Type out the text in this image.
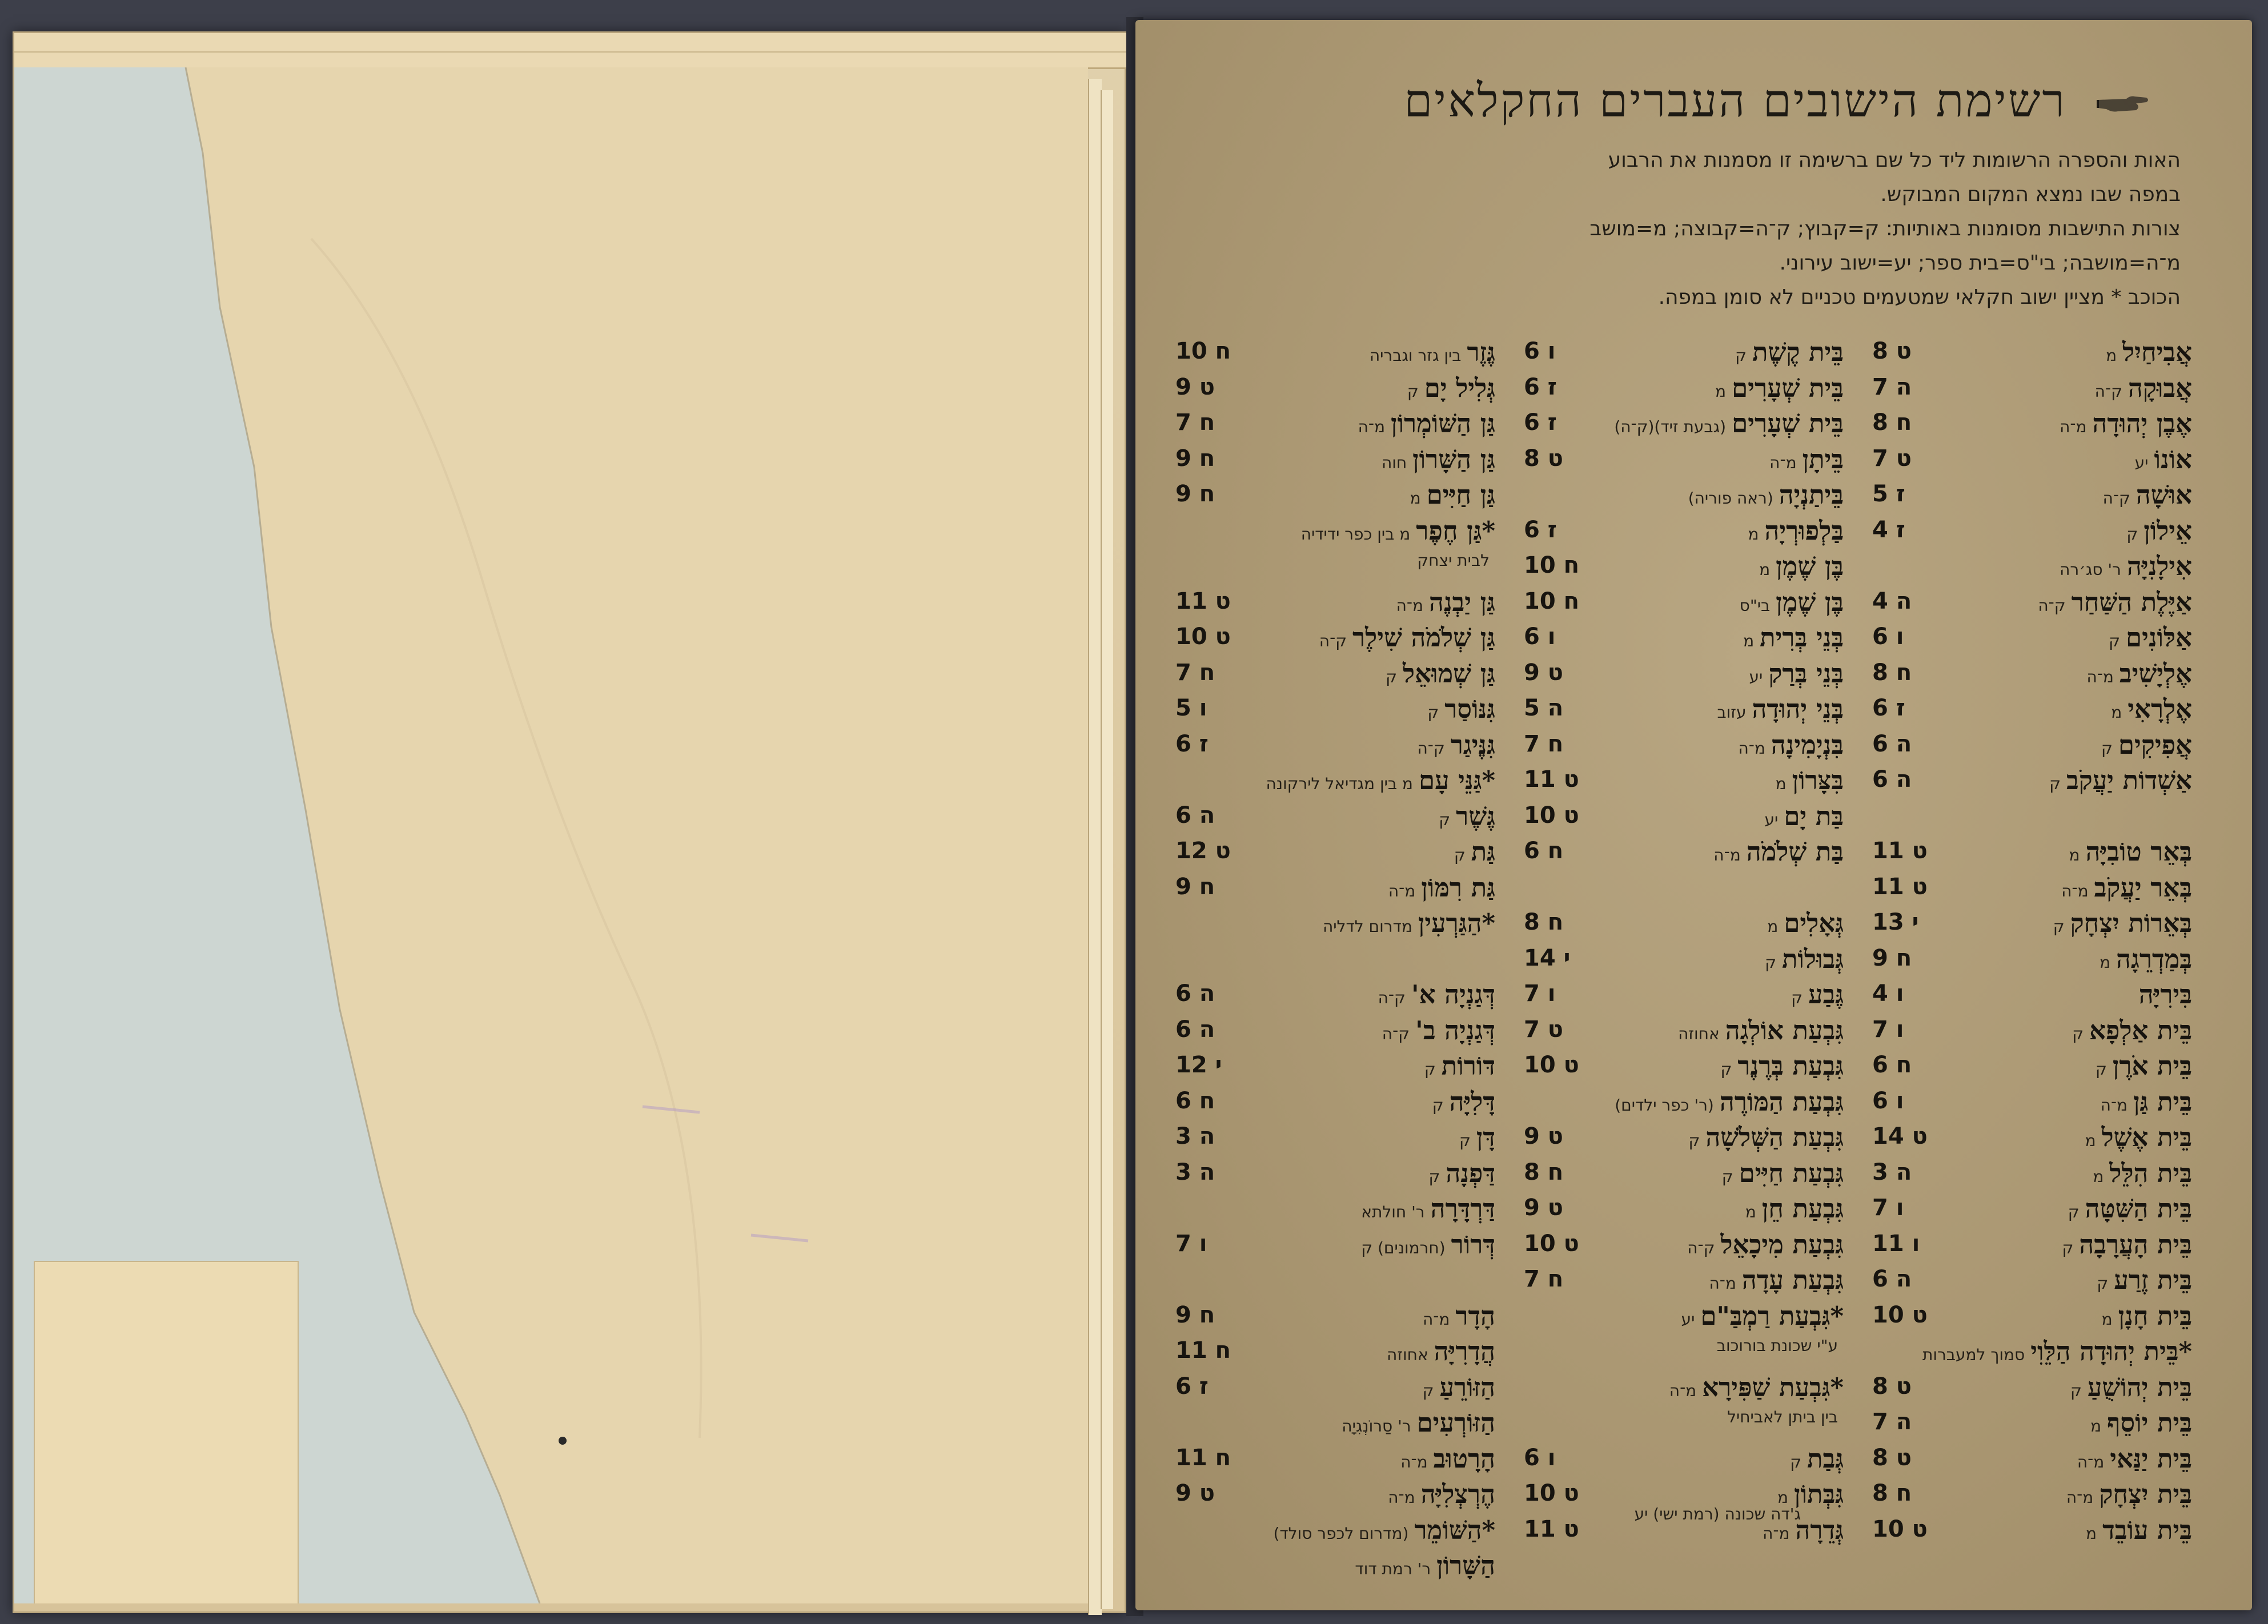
רשימת הישובים העברים החקלאים
האות והספרה הרשומות ליד כל שם ברשימה זו מסמנות את הרבוע
במפה שבו נמצא המקום המבוקש.
צורות התישבות מסומנות באותיות: ק=קבוץ; ק־ה=קבוצה; מ=מושב
מ־ה=מושבה; בי"ס=בית ספר; יע=ישוב עירוני.
הכוכב * מציין ישוב חקלאי שמטעמים טכניים לא סומן במפה.
אֲבִיחַיִל
מ
ט 8
אֲבוּקָה
ק־ה
ה 7
אֶבֶן יְהוּדָה
מ־ה
ח 8
אוֹנוֹ
יע
ט 7
אוּשָׁה
ק־ה
ז 5
אֵילוֹן
ק
ז 4
אִילָנִיָּה
ר' סג׳רה
אַיֶּלֶת הַשַּׁחַר
ק־ה
ה 4
אַלּוֹנִים
ק
ו 6
אֶלְיָשִׁיב
מ־ה
ח 8
אֶלְרָאִי
מ
ז 6
אֲפִיקִים
ק
ה 6
אַשְׁדוֹת יַעֲקֹב
ק
ה 6
בְּאֵר טוֹבִיָּה
מ
ט 11
בְּאֵר יַעֲקֹב
מ־ה
ט 11
בְּאֵרוֹת יִצְחָק
ק
י 13
בְּמַדְרֵגָה
מ
ח 9
בִּירִיָּה
ו 4
בֵּית אַלְפָא
ק
ו 7
בֵּית אֹרֶן
ק
ח 6
בֵּית גַּן
מ־ה
ו 6
בֵּית אֶשֶׁל
מ
ט 14
בֵּית הִלֵּל
מ
ה 3
בֵּית הַשִּׁטָּה
ק
ו 7
בֵּית הָעֲרָבָה
ק
ו 11
בֵּית זֶרַע
ק
ה 6
בֵּית חָנָן
מ
ט 10
*בֵּית יְהוּדָה הַלֵּוִי
סמוך למעברות
בֵּית יְהוֹשֻׁעַ
ק
ט 8
בֵּית יוֹסֵף
מ
ה 7
בֵּית יַנַּאי
מ־ה
ט 8
בֵּית יִצְחָק
מ־ה
ח 8
בֵּית עוֹבֵד
מ
ט 10
בֵּית קֶשֶׁת
ק
ו 6
בֵּית שְׁעָרִים
מ
ז 6
בֵּית שְׁעָרִים
(גבעת זיד)(ק־ה)
ז 6
בֵּיתָן
מ־ה
ט 8
בֵּיתַנְיָה
(ראה פוריה)
בַּלְפוּרְיָה
מ
ז 6
בֶּן שֶׁמֶן
מ
ח 10
בֶּן שֶׁמֶן
בי"ס
ח 10
בְּנֵי בְּרִית
מ
ו 6
בְּנֵי בְּרַק
יע
ט 9
בְּנֵי יְהוּדָה
עזוב
ה 5
בִּנְיָמִינָה
מ־ה
ח 7
בִּצָּרוֹן
מ
ט 11
בַּת יָם
יע
ט 10
בַּת שְׁלֹמֹה
מ־ה
ח 6
גְּאָלִים
מ
ח 8
גְּבוּלוֹת
ק
י 14
גֶּבַע
ק
ו 7
גִּבְעַת אוֹלְגָה
אחוזה
ט 7
גִּבְעַת בְּרֶנֶר
ק
ט 10
גִּבְעַת הַמּוֹרֶה
(ר' כפר ילדים)
גִּבְעַת הַשְּׁלֹשָׁה
ק
ט 9
גִּבְעַת חַיִּים
ק
ח 8
גִּבְעַת חֵן
מ
ט 9
גִּבְעַת מִיכָאֵל
ק־ה
ט 10
גִּבְעַת עָדָה
מ־ה
ח 7
*גִּבְעַת רַמְבַּ"ם
יע
ע"י שכונת בורוכוב
*גִּבְעַת שַׁפִּירָא
מ־ה
בין ביתן לאביחיל
גְּבַת
ק
ו 6
גִּבְּתוֹן
מ
ט 10
גְּדֵרָה
מ־ה
ט 11
גֶּזֶר
בין גזר וגבריה
ח 10
גְּלִיל יָם
ק
ט 9
גַּן הַשּׁוֹמְרוֹן
מ־ה
ח 7
גַּן הַשָּׁרוֹן
חוה
ח 9
גַּן חַיִּים
מ
ח 9
*גַּן חֶפֶר
מ בין כפר ידידיה
לבית יצחק
גַּן יַבְנֶה
מ־ה
ט 11
גַּן שְׁלֹמֹה שִׁילֶר
ק־ה
ט 10
גַּן שְׁמוּאֵל
ק
ח 7
גִּנּוֹסַר
ק
ו 5
גִּנֶּיגַר
ק־ה
ז 6
*גַּנֵּי עָם
מ בין מגדיאל לירקונה
גֶּשֶׁר
ק
ה 6
גַּת
ק
ט 12
גַּת רִמּוֹן
מ־ה
ח 9
*הַגַּרְעִין
מדרום לדליה
דְּגַנְיָה א'
ק־ה
ה 6
דְּגַנְיָה ב'
ק־ה
ה 6
דּוֹרוֹת
ק
י 12
דָּלִיָּה
ק
ח 6
דָּן
ק
ה 3
דַּפְנָה
ק
ה 3
דַּרְדָּרָה
ר' חולתא
דְּרוֹר
(חרמונים) ק
ו 7
הָדָר
מ־ה
ח 9
הֲדָרִיָּה
אחוזה
ח 11
הַזּוֹרֵעַ
ק
ז 6
הַזּוֹרְעִים
ר' סַרוֹנְגִיָה
הָרָטוּב
מ־ה
ח 11
הֶרְצְלִיָּה
מ־ה
ט 9
*הַשּׁוֹמֵר
(מדרום לכפר סולד)
הַשָּׁרוֹן
ר' רמת דוד
ג'דה שכונה (רמת ישי) יע
